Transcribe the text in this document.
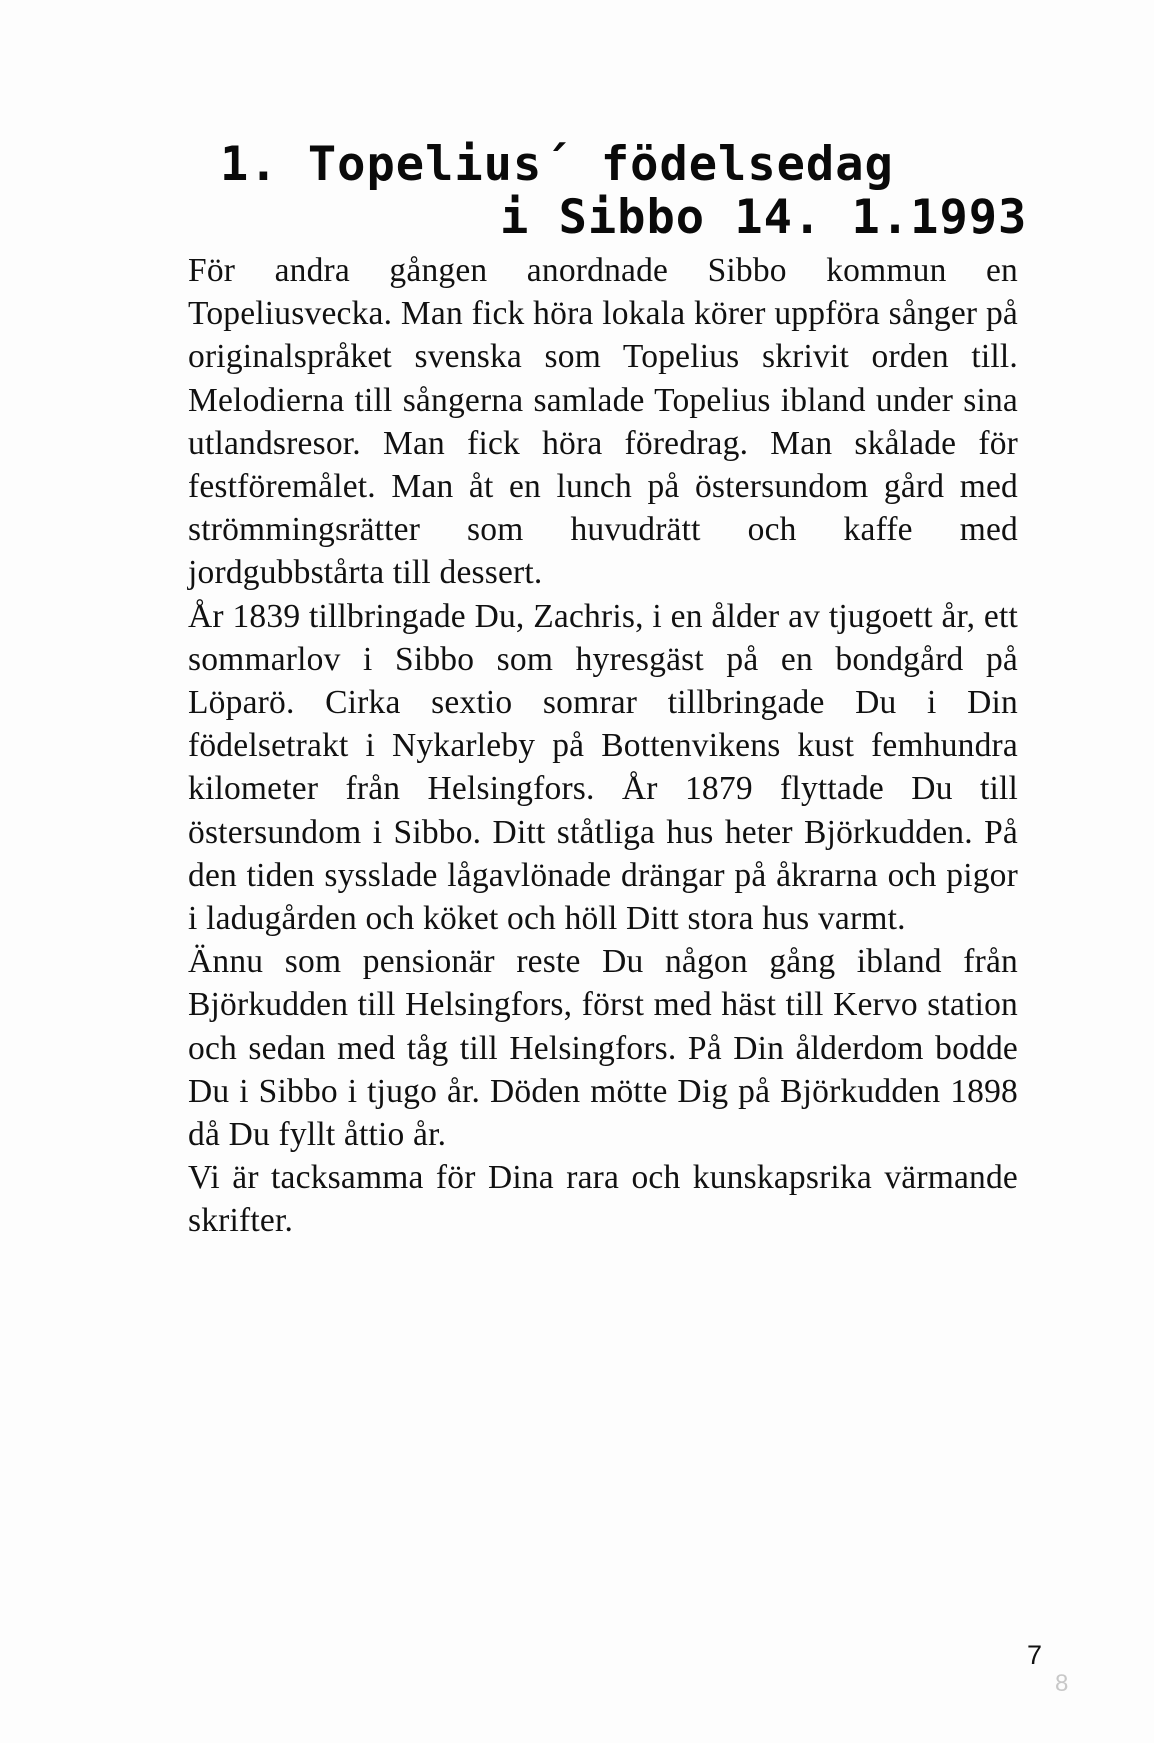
1. Topelius´ födelsedag
i Sibbo 14. 1.1993

För andra gången anordnade Sibbo kommun en Topeliusvecka. Man fick höra lokala körer uppföra sånger på originalspråket svenska som Topelius skrivit orden till. Melodierna till sångerna samlade Topelius ibland under sina utlandsresor. Man fick höra föredrag. Man skålade för festföremålet. Man åt en lunch på östersundom gård med strömmingsrätter som huvudrätt och kaffe med jordgubbstårta till dessert.

År 1839 tillbringade Du, Zachris, i en ålder av tjugoett år, ett sommarlov i Sibbo som hyresgäst på en bondgård på Löparö. Cirka sextio somrar tillbringade Du i Din födelsetrakt i Nykarleby på Bottenvikens kust femhundra kilometer från Helsingfors. År 1879 flyttade Du till östersundom i Sibbo. Ditt ståtliga hus heter Björkudden. På den tiden sysslade lågavlönade drängar på åkrarna och pigor i ladugården och köket och höll Ditt stora hus varmt.

Ännu som pensionär reste Du någon gång ibland från Björkudden till Helsingfors, först med häst till Kervo station och sedan med tåg till Helsingfors. På Din ålderdom bodde Du i Sibbo i tjugo år. Döden mötte Dig på Björkudden 1898 då Du fyllt åttio år.

Vi är tacksamma för Dina rara och kunskapsrika värmande skrifter.

7
8
